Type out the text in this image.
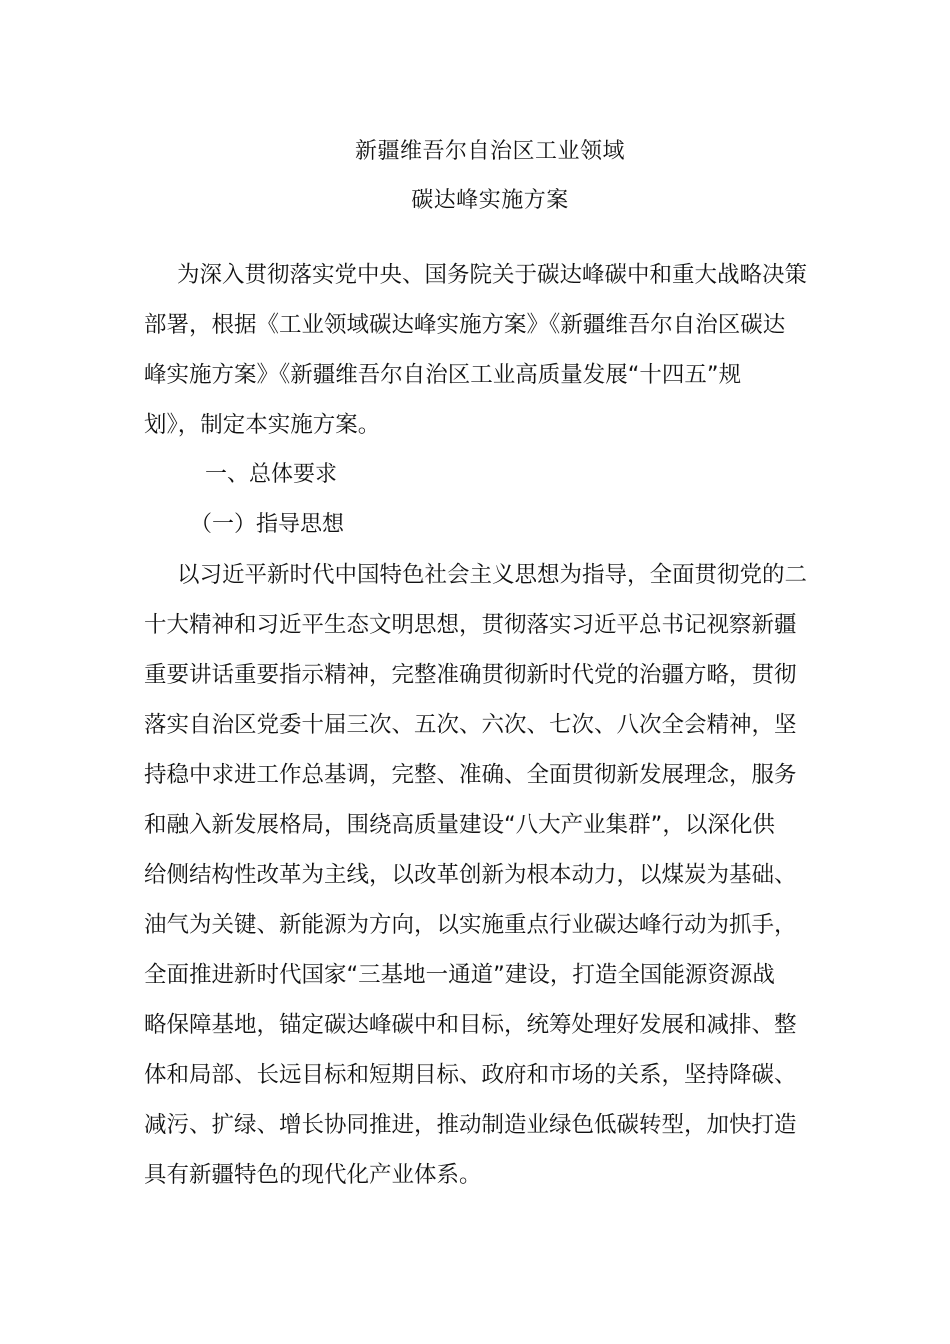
新疆维吾尔自治区工业领域
碳达峰实施方案
为深入贯彻落实党中央、国务院关于碳达峰碳中和重大战略决策
部署，根据《工业领域碳达峰实施方案》《新疆维吾尔自治区碳达
峰实施方案》《新疆维吾尔自治区工业高质量发展“十四五”规
划》，制定本实施方案。
一、总体要求
（一）指导思想
以习近平新时代中国特色社会主义思想为指导，全面贯彻党的二
十大精神和习近平生态文明思想，贯彻落实习近平总书记视察新疆
重要讲话重要指示精神，完整准确贯彻新时代党的治疆方略，贯彻
落实自治区党委十届三次、五次、六次、七次、八次全会精神，坚
持稳中求进工作总基调，完整、准确、全面贯彻新发展理念，服务
和融入新发展格局，围绕高质量建设“八大产业集群”，以深化供
给侧结构性改革为主线，以改革创新为根本动力，以煤炭为基础、
油气为关键、新能源为方向，以实施重点行业碳达峰行动为抓手，
全面推进新时代国家“三基地一通道”建设，打造全国能源资源战
略保障基地，锚定碳达峰碳中和目标，统筹处理好发展和减排、整
体和局部、长远目标和短期目标、政府和市场的关系，坚持降碳、
减污、扩绿、增长协同推进，推动制造业绿色低碳转型，加快打造
具有新疆特色的现代化产业体系。
